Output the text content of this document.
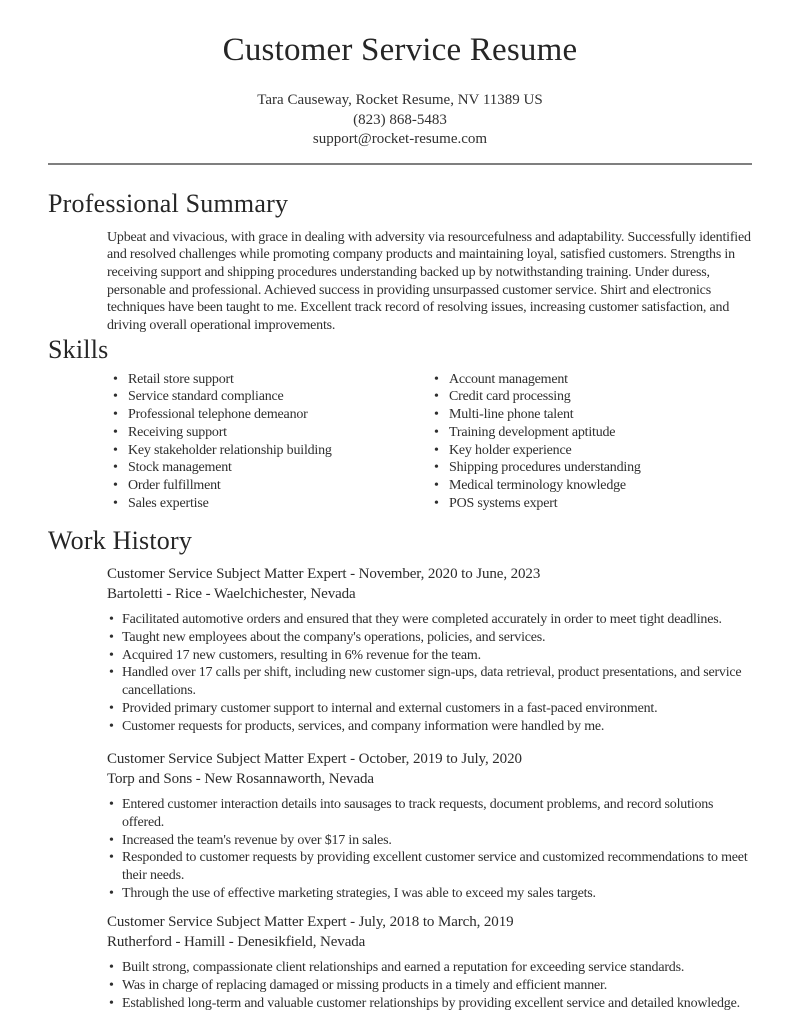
Customer Service Resume
Tara Causeway, Rocket Resume, NV 11389 US
(823) 868-5483
support@rocket-resume.com
Professional Summary

Upbeat and vivacious, with grace in dealing with adversity via resourcefulness and adaptability. Successfully identified and resolved challenges while promoting company products and maintaining loyal, satisfied customers. Strengths in receiving support and shipping procedures understanding backed up by notwithstanding training. Under duress, personable and professional. Achieved success in providing unsurpassed customer service. Shirt and electronics techniques have been taught to me. Excellent track record of resolving issues, increasing customer satisfaction, and driving overall operational improvements.

Skills
• Retail store support
• Service standard compliance
• Professional telephone demeanor
• Receiving support
• Key stakeholder relationship building
• Stock management
• Order fulfillment
• Sales expertise
• Account management
• Credit card processing
• Multi-line phone talent
• Training development aptitude
• Key holder experience
• Shipping procedures understanding
• Medical terminology knowledge
• POS systems expert
Work History
Customer Service Subject Matter Expert - November, 2020 to June, 2023
Bartoletti - Rice - Waelchichester, Nevada
• Facilitated automotive orders and ensured that they were completed accurately in order to meet tight deadlines.
• Taught new employees about the company's operations, policies, and services.
• Acquired 17 new customers, resulting in 6% revenue for the team.
• Handled over 17 calls per shift, including new customer sign-ups, data retrieval, product presentations, and service cancellations.
• Provided primary customer support to internal and external customers in a fast-paced environment.
• Customer requests for products, services, and company information were handled by me.
Customer Service Subject Matter Expert - October, 2019 to July, 2020
Torp and Sons - New Rosannaworth, Nevada
• Entered customer interaction details into sausages to track requests, document problems, and record solutions offered.
• Increased the team's revenue by over $17 in sales.
• Responded to customer requests by providing excellent customer service and customized recommendations to meet their needs.
• Through the use of effective marketing strategies, I was able to exceed my sales targets.
Customer Service Subject Matter Expert - July, 2018 to March, 2019
Rutherford - Hamill - Denesikfield, Nevada
• Built strong, compassionate client relationships and earned a reputation for exceeding service standards.
• Was in charge of replacing damaged or missing products in a timely and efficient manner.
• Established long-term and valuable customer relationships by providing excellent service and detailed knowledge.
